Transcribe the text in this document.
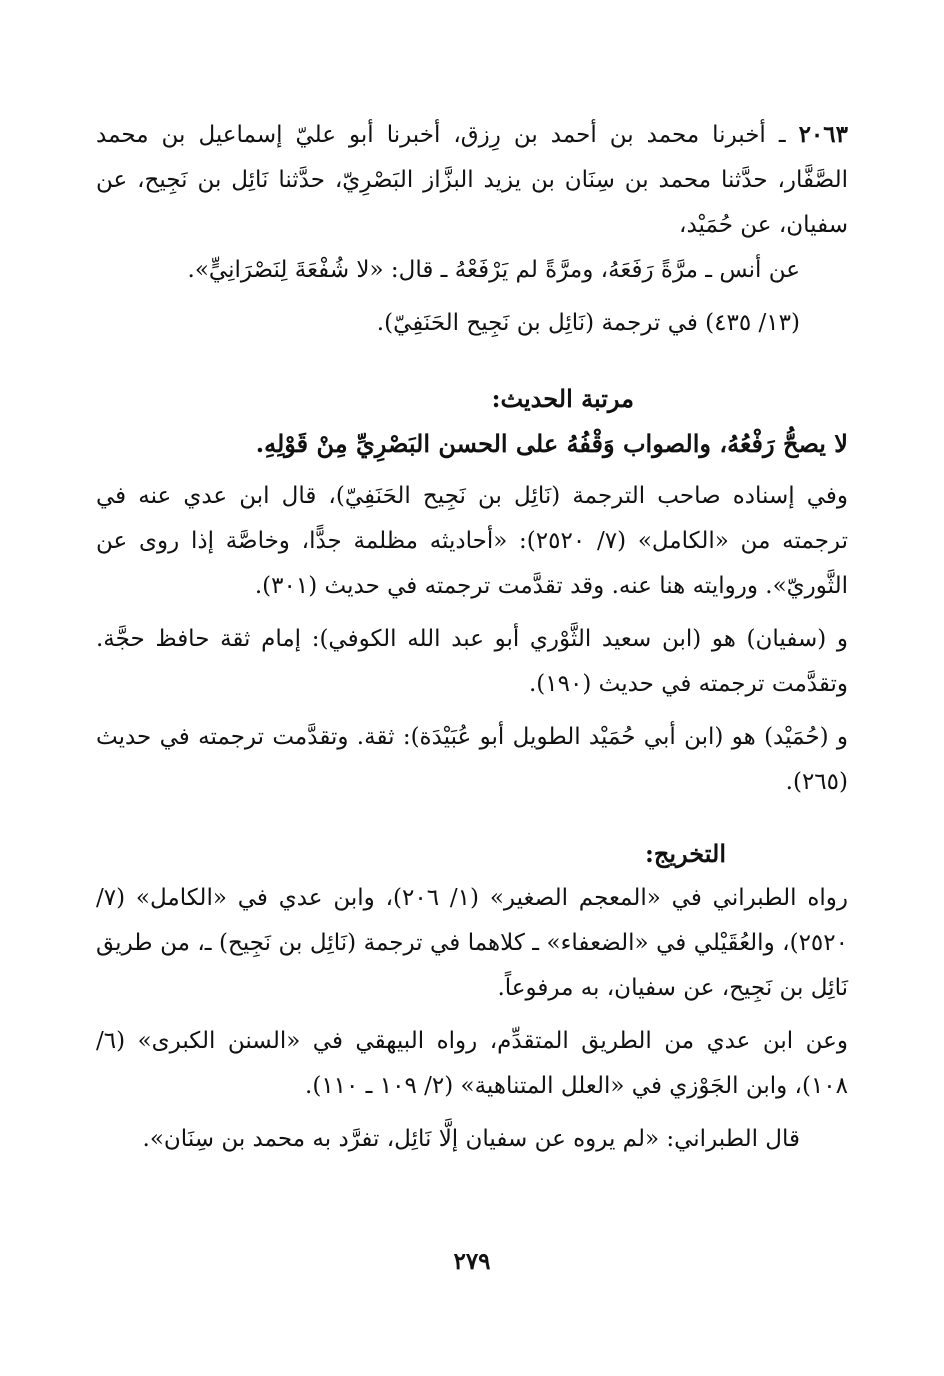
٢٠٦٣ ـ أخبرنا محمد بن أحمد بن رِزق، أخبرنا أبو عليّ إسماعيل بن محمد الصَّفَّار، حدَّثنا محمد بن سِنَان بن يزيد البزَّاز البَصْرِيّ، حدَّثنا نَائِل بن نَجِيح، عن سفيان، عن حُمَيْد،

عن أنس ـ مرَّةً رَفَعَهُ، ومرَّةً لم يَرْفَعْهُ ـ قال: «لا شُفْعَةَ لِنَصْرَانِيٍّ».

(١٣/ ٤٣٥) في ترجمة (نَائِل بن نَجِيح الحَنَفِيّ).

مرتبة الحديث:

لا يصحُّ رَفْعُهُ، والصواب وَقْفُهُ على الحسن البَصْرِيِّ مِنْ قَوْلِهِ.

وفي إسناده صاحب الترجمة (نَائِل بن نَجِيح الحَنَفِيّ)، قال ابن عدي عنه في ترجمته من «الكامل» (٧/ ٢٥٢٠): «أحاديثه مظلمة جدًّا، وخاصَّة إذا روى عن الثَّوريّ». وروايته هنا عنه. وقد تقدَّمت ترجمته في حديث (٣٠١).

و (سفيان) هو (ابن سعيد الثَّوْري أبو عبد الله الكوفي): إمام ثقة حافظ حجَّة. وتقدَّمت ترجمته في حديث (١٩٠).

و (حُمَيْد) هو (ابن أبي حُمَيْد الطويل أبو عُبَيْدَة): ثقة. وتقدَّمت ترجمته في حديث (٢٦٥).

التخريج:

رواه الطبراني في «المعجم الصغير» (١/ ٢٠٦)، وابن عدي في «الكامل» (٧/ ٢٥٢٠)، والعُقَيْلي في «الضعفاء» ـ كلاهما في ترجمة (نَائِل بن نَجِيح) ـ، من طريق نَائِل بن نَجِيح، عن سفيان، به مرفوعاً.

وعن ابن عدي من الطريق المتقدِّم، رواه البيهقي في «السنن الكبرى» (٦/ ١٠٨)، وابن الجَوْزي في «العلل المتناهية» (٢/ ١٠٩ ـ ١١٠).

قال الطبراني: «لم يروه عن سفيان إلَّا نَائِل، تفرَّد به محمد بن سِنَان».

٢٧٩
